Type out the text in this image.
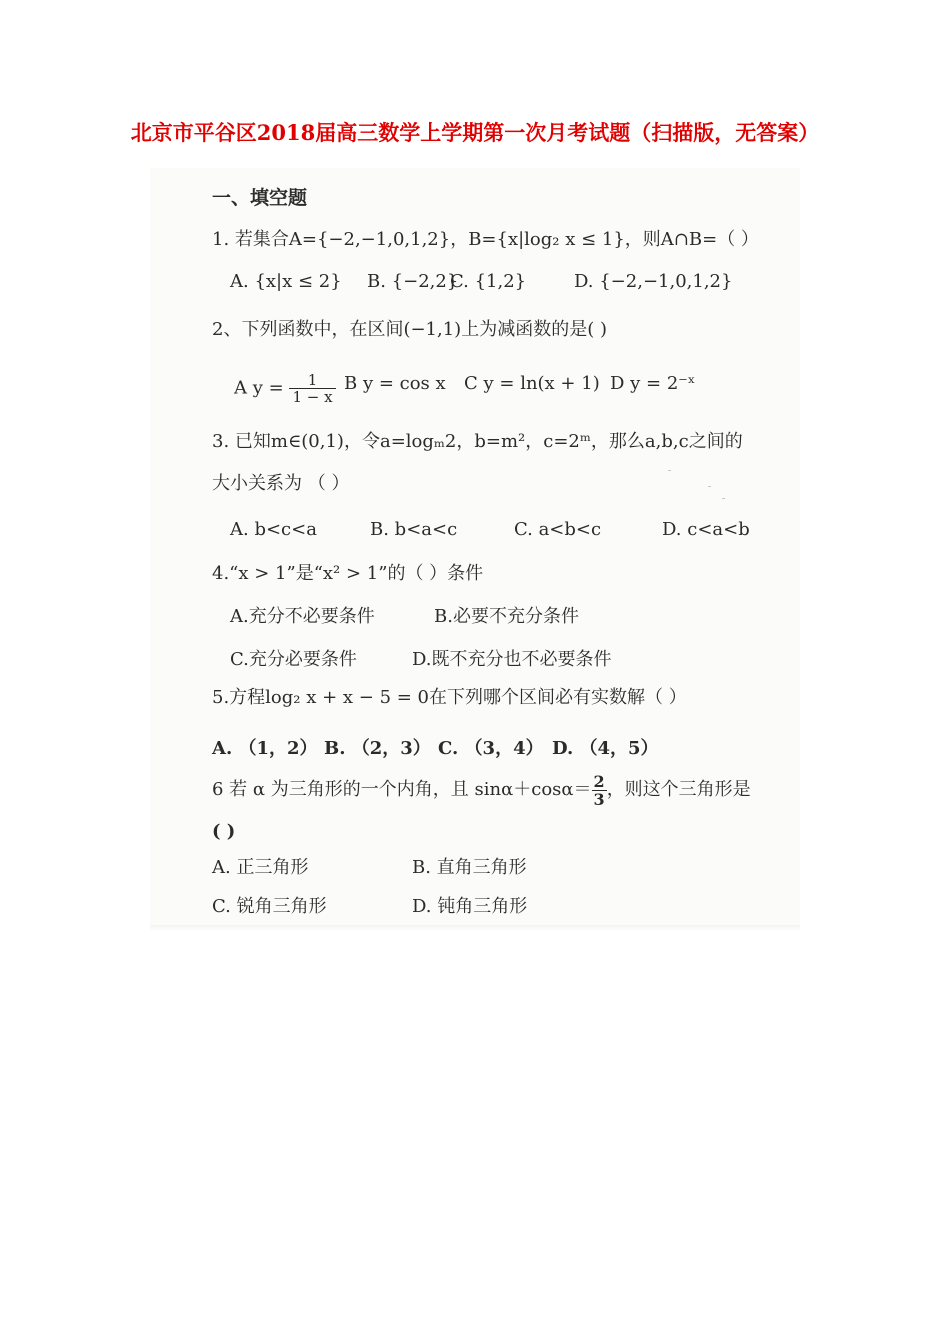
北京市平谷区2018届高三数学上学期第一次月考试题（扫描版，无答案）
一、填空题
1. 若集合A={−2,−1,0,1,2}，B={x|log₂ x ≤ 1}，则A∩B=（ ）
A. {x|x ≤ 2} B. {−2,2}
C. {1,2}	D. {−2,−1,0,1,2}
2、下列函数中，在区间(−1,1)上为减函数的是( )
A $y = \frac{1}{1 - x}$ B y = cos x C y = ln(x + 1) D y = 2⁻ˣ
3. 已知m∈(0,1)，令a=logₘ2，b=m²，c=2ᵐ，那么a,b,c之间的
大小关系为 （ ）
A. b<c<a	B. b<a<c	C. a<b<c	D. c<a<b
4.“x > 1”是“x² > 1”的（ ）条件
A.充分不必要条件	B.必要不充分条件
C.充分必要条件	D.既不充分也不必要条件
5.方程log₂ x + x − 5 = 0在下列哪个区间必有实数解（ ）
A. （1，2） B. （2，3） C. （3，4） D. （4，5）
6 若 α 为三角形的一个内角，且 $\sin\alpha+\cos\alpha= \frac{2}{3}$ ，则这个三角形是
( )
A. 正三角形	B. 直角三角形
C. 锐角三角形	D. 钝角三角形
